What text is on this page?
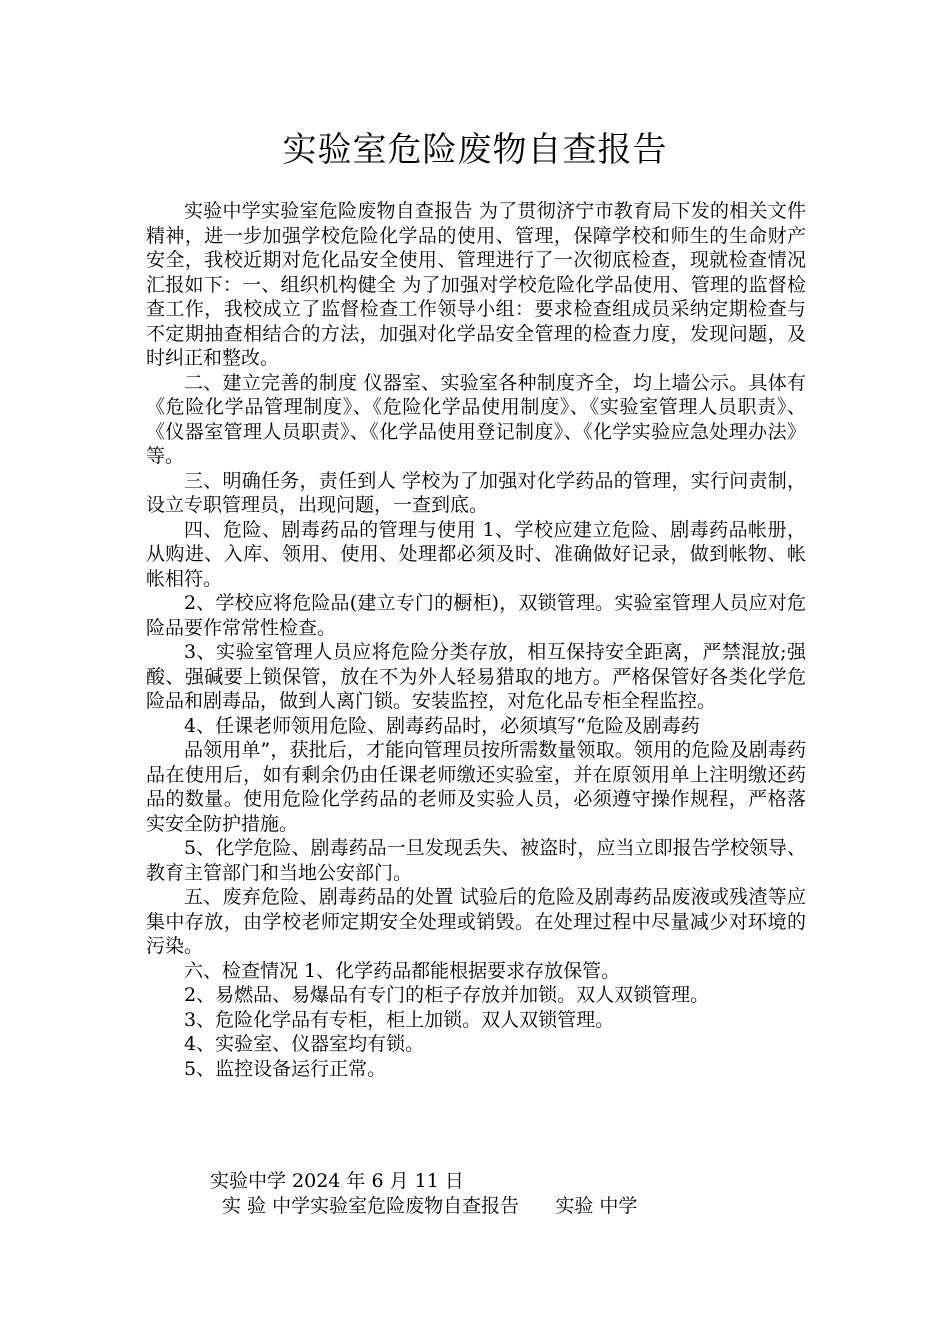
实验室危险废物自查报告

实验中学实验室危险废物自查报告 为了贯彻济宁市教育局下发的相关文件精神，进一步加强学校危险化学品的使用、管理，保障学校和师生的生命财产安全，我校近期对危化品安全使用、管理进行了一次彻底检查，现就检查情况汇报如下：一、组织机构健全 为了加强对学校危险化学品使用、管理的监督检查工作，我校成立了监督检查工作领导小组：要求检查组成员采纳定期检查与不定期抽查相结合的方法，加强对化学品安全管理的检查力度，发现问题，及时纠正和整改。

二、建立完善的制度 仪器室、实验室各种制度齐全，均上墙公示。具体有《危险化学品管理制度》、《危险化学品使用制度》、《实验室管理人员职责》、《仪器室管理人员职责》、《化学品使用登记制度》、《化学实验应急处理办法》等。

三、明确任务，责任到人 学校为了加强对化学药品的管理，实行问责制，设立专职管理员，出现问题，一查到底。

四、危险、剧毒药品的管理与使用 1、学校应建立危险、剧毒药品帐册，从购进、入库、领用、使用、处理都必须及时、准确做好记录，做到帐物、帐帐相符。

2、学校应将危险品(建立专门的橱柜)，双锁管理。实验室管理人员应对危险品要作常常性检查。

3、实验室管理人员应将危险分类存放，相互保持安全距离，严禁混放;强酸、强碱要上锁保管，放在不为外人轻易猎取的地方。严格保管好各类化学危险品和剧毒品，做到人离门锁。安装监控，对危化品专柜全程监控。

4、任课老师领用危险、剧毒药品时，必须填写“危险及剧毒药

品领用单”，获批后，才能向管理员按所需数量领取。领用的危险及剧毒药品在使用后，如有剩余仍由任课老师缴还实验室，并在原领用单上注明缴还药品的数量。使用危险化学药品的老师及实验人员，必须遵守操作规程，严格落实安全防护措施。

5、化学危险、剧毒药品一旦发现丢失、被盗时，应当立即报告学校领导、教育主管部门和当地公安部门。

五、废弃危险、剧毒药品的处置 试验后的危险及剧毒药品废液或残渣等应集中存放，由学校老师定期安全处理或销毁。在处理过程中尽量减少对环境的污染。

六、检查情况 1、化学药品都能根据要求存放保管。

2、易燃品、易爆品有专门的柜子存放并加锁。双人双锁管理。

3、危险化学品有专柜，柜上加锁。双人双锁管理。

4、实验室、仪器室均有锁。

5、监控设备运行正常。

实验中学 2024 年 6 月 11 日
实 验 中学实验室危险废物自查报告      实验 中学
